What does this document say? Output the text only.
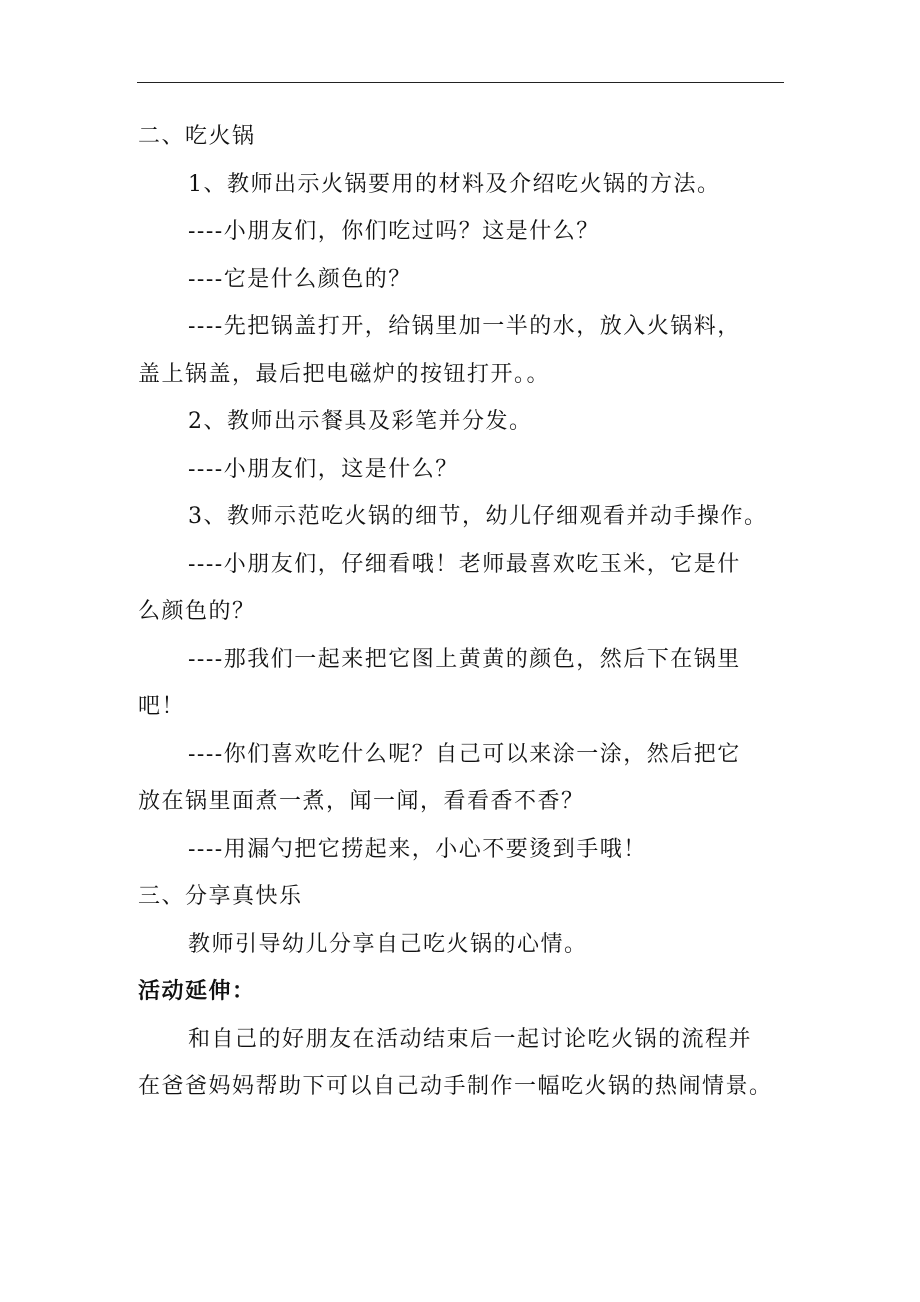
二、吃火锅

1、教师出示火锅要用的材料及介绍吃火锅的方法。

----小朋友们，你们吃过吗？这是什么？

----它是什么颜色的？

----先把锅盖打开，给锅里加一半的水，放入火锅料，

盖上锅盖，最后把电磁炉的按钮打开。。

2、教师出示餐具及彩笔并分发。

----小朋友们，这是什么？

3、教师示范吃火锅的细节，幼儿仔细观看并动手操作。

----小朋友们，仔细看哦！老师最喜欢吃玉米，它是什

么颜色的？

----那我们一起来把它图上黄黄的颜色，然后下在锅里

吧！

----你们喜欢吃什么呢？自己可以来涂一涂，然后把它

放在锅里面煮一煮，闻一闻，看看香不香？

----用漏勺把它捞起来，小心不要烫到手哦！

三、分享真快乐

教师引导幼儿分享自己吃火锅的心情。

活动延伸：

和自己的好朋友在活动结束后一起讨论吃火锅的流程并

在爸爸妈妈帮助下可以自己动手制作一幅吃火锅的热闹情景。
